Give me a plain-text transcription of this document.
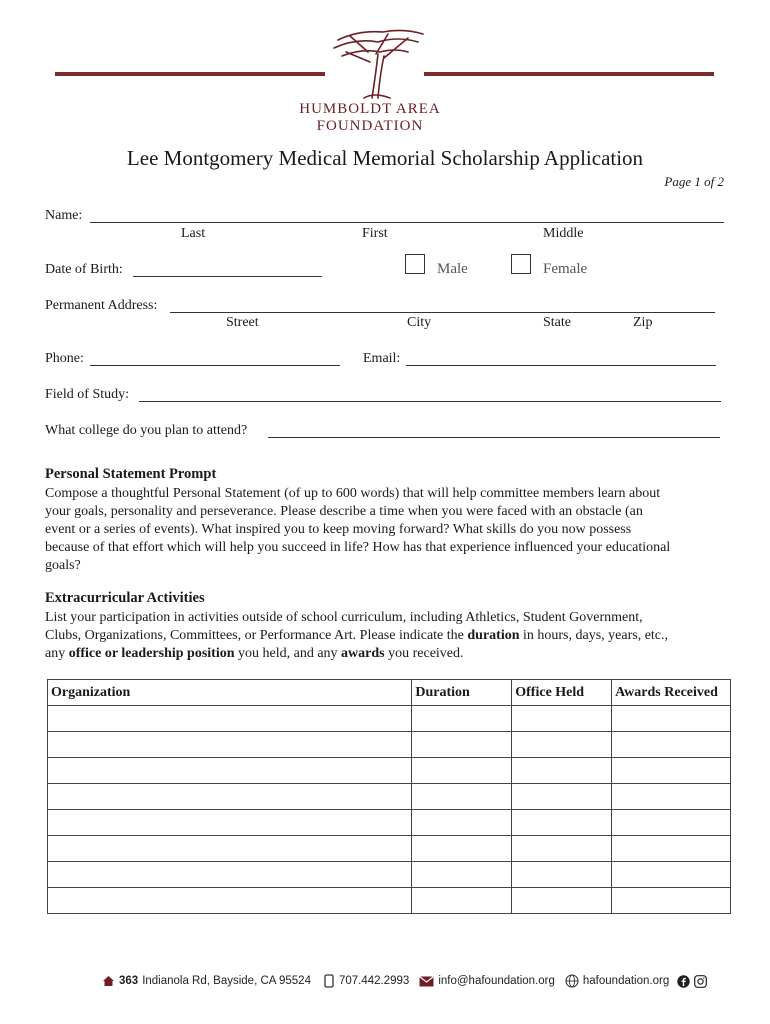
HUMBOLDT AREA
FOUNDATION
Lee Montgomery Medical Memorial Scholarship Application
Page 1 of 2
Name:
Last	First	Middle
Date of Birth:	Male	Female
Permanent Address:
Street	City	State	Zip
Phone:	Email:
Field of Study:
What college do you plan to attend?
Personal Statement Prompt
Compose a thoughtful Personal Statement (of up to 600 words) that will help committee members learn about
your goals, personality and perseverance. Please describe a time when you were faced with an obstacle (an
event or a series of events). What inspired you to keep moving forward? What skills do you now possess
because of that effort which will help you succeed in life? How has that experience influenced your educational
goals?
Extracurricular Activities
List your participation in activities outside of school curriculum, including Athletics, Student Government,
Clubs, Organizations, Committees, or Performance Art. Please indicate the duration in hours, days, years, etc.,
any office or leadership position you held, and any awards you received.
Organization	Duration	Office Held	Awards Received

363 Indianola Rd, Bayside, CA 95524 707.442.2993	info@hafoundation.org hafoundation.org
